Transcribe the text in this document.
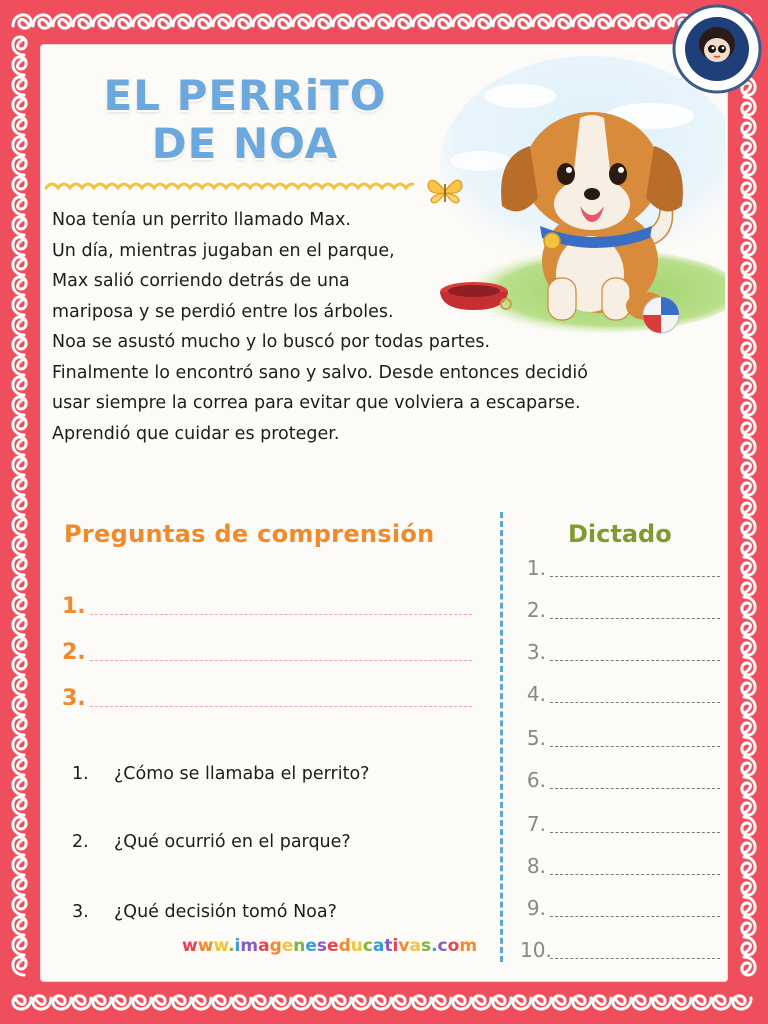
EL PERRiTO
DE NOA
Noa tenía un perrito llamado Max.
Un día, mientras jugaban en el parque,
Max salió corriendo detrás de una
mariposa y se perdió entre los árboles.
Noa se asustó mucho y lo buscó por todas partes.
Finalmente lo encontró sano y salvo. Desde entonces decidió
usar siempre la correa para evitar que volviera a escaparse.
Aprendió que cuidar es proteger.
Preguntas de comprensión	Dictado
1.
2.
3.
1. ¿Cómo se llamaba el perrito?
2. ¿Qué ocurrió en el parque?
3. ¿Qué decisión tomó Noa?
1.
2.
3.
4.
5.
6.
7.
8.
9.
10.
www.imageneseducativas.com
